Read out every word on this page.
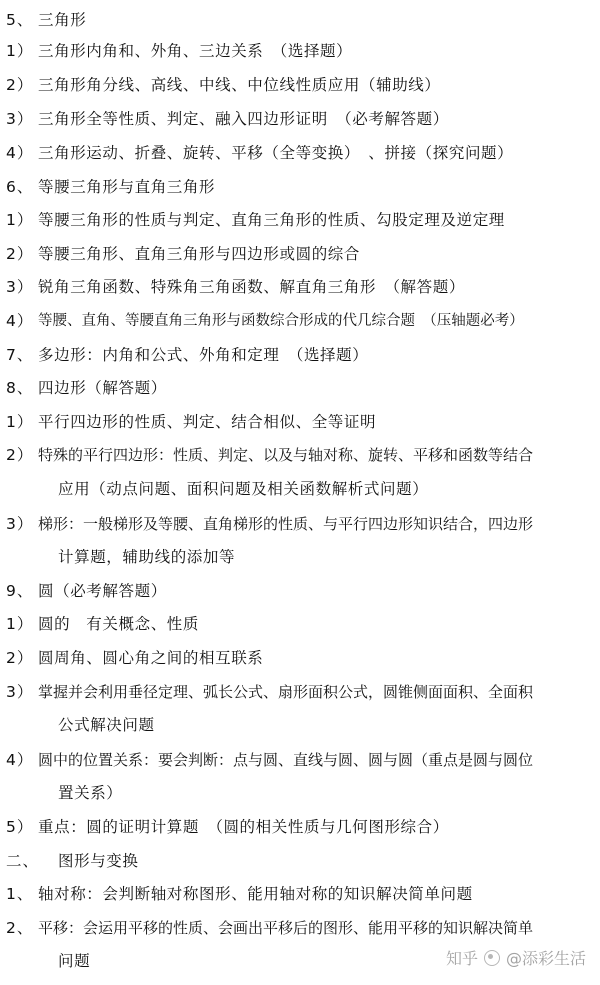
5、 三角形
1） 三角形内角和、外角、三边关系　（选择题）
2） 三角形角分线、高线、中线、中位线性质应用（辅助线）
3） 三角形全等性质、判定、融入四边形证明　（必考解答题）
4） 三角形运动、折叠、旋转、平移（全等变换）　、拼接（探究问题）
6、 等腰三角形与直角三角形
1） 等腰三角形的性质与判定、直角三角形的性质、勾股定理及逆定理
2） 等腰三角形、直角三角形与四边形或圆的综合
3） 锐角三角函数、特殊角三角函数、解直角三角形　（解答题）
4） 等腰、直角、等腰直角三角形与函数综合形成的代几综合题　（压轴题必考）
7、 多边形：内角和公式、外角和定理　（选择题）
8、 四边形（解答题）
1） 平行四边形的性质、判定、结合相似、全等证明
2） 特殊的平行四边形：性质、判定、以及与轴对称、旋转、平移和函数等结合
应用（动点问题、面积问题及相关函数解析式问题）
3） 梯形：一般梯形及等腰、直角梯形的性质、与平行四边形知识结合，四边形
计算题，辅助线的添加等
9、 圆（必考解答题）
1） 圆的　有关概念、性质
2） 圆周角、圆心角之间的相互联系
3） 掌握并会利用垂径定理、弧长公式、扇形面积公式，圆锥侧面面积、全面积
公式解决问题
4） 圆中的位置关系：要会判断：点与圆、直线与圆、圆与圆（重点是圆与圆位
置关系）
5） 重点：圆的证明计算题　（圆的相关性质与几何图形综合）
二、	图形与变换
1、 轴对称：会判断轴对称图形、能用轴对称的知识解决简单问题
2、 平移：会运用平移的性质、会画出平移后的图形、能用平移的知识解决简单
问题	知乎 @添彩生活
